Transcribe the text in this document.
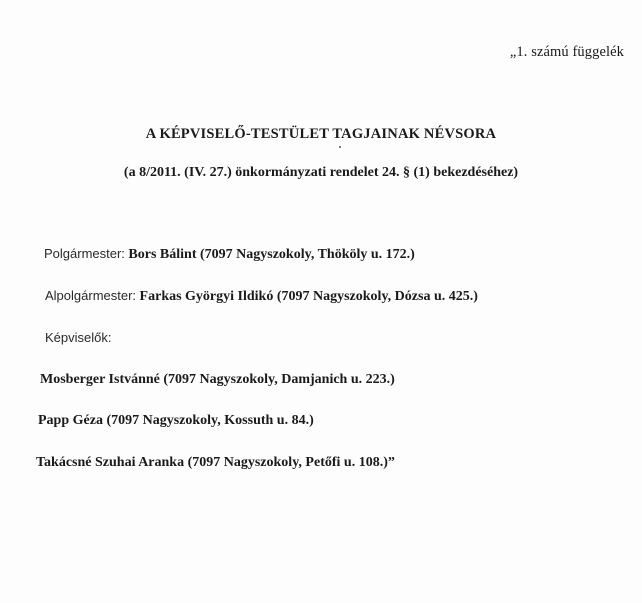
„1. számú függelék
A KÉPVISELŐ-TESTÜLET TAGJAINAK NÉVSORA
(a 8/2011. (IV. 27.) önkormányzati rendelet 24. § (1) bekezdéséhez)
Polgármester: Bors Bálint (7097 Nagyszokoly, Thököly u. 172.)
Alpolgármester: Farkas Györgyi Ildikó (7097 Nagyszokoly, Dózsa u. 425.)
Képviselők:
Mosberger Istvánné (7097 Nagyszokoly, Damjanich u. 223.)
Papp Géza (7097 Nagyszokoly, Kossuth u. 84.)
Takácsné Szuhai Aranka (7097 Nagyszokoly, Petőfi u. 108.)”
